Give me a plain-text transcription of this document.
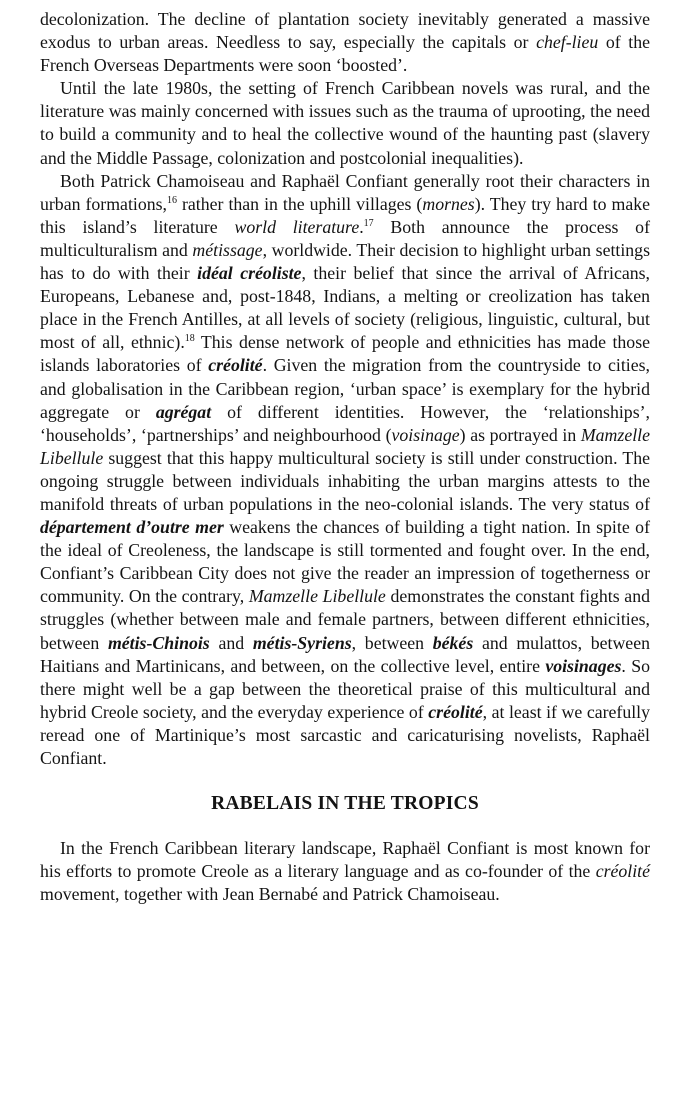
decolonization. The decline of plantation society inevitably generated a massive exodus to urban areas. Needless to say, especially the capitals or chef-lieu of the French Overseas Departments were soon ‘boosted’.

Until the late 1980s, the setting of French Caribbean novels was rural, and the literature was mainly concerned with issues such as the trauma of uprooting, the need to build a community and to heal the collective wound of the haunting past (slavery and the Middle Passage, colonization and postcolonial inequalities).

Both Patrick Chamoiseau and Raphaël Confiant generally root their characters in urban formations,$^{16}$ rather than in the uphill villages (mornes). They try hard to make this island’s literature world literature.$^{17}$ Both announce the process of multiculturalism and métissage, worldwide. Their decision to highlight urban settings has to do with their idéal créoliste, their belief that since the arrival of Africans, Europeans, Lebanese and, post-1848, Indians, a melting or creolization has taken place in the French Antilles, at all levels of society (religious, linguistic, cultural, but most of all, ethnic).$^{18}$ This dense network of people and ethnicities has made those islands laboratories of créolité. Given the migration from the countryside to cities, and globalisation in the Caribbean region, ‘urban space’ is exemplary for the hybrid aggregate or agrégat of different identities. However, the ‘relationships’, ‘households’, ‘partnerships’ and neighbourhood (voisinage) as portrayed in Mamzelle Libellule suggest that this happy multicultural society is still under construction. The ongoing struggle between individuals inhabiting the urban margins attests to the manifold threats of urban populations in the neo-colonial islands. The very status of département d’outre mer weakens the chances of building a tight nation. In spite of the ideal of Creoleness, the landscape is still tormented and fought over. In the end, Confiant’s Caribbean City does not give the reader an impression of togetherness or community. On the contrary, Mamzelle Libellule demonstrates the constant fights and struggles (whether between male and female partners, between different ethnicities, between métis-Chinois and métis-Syriens, between békés and mulattos, between Haitians and Martinicans, and between, on the collective level, entire voisinages. So there might well be a gap between the theoretical praise of this multicultural and hybrid Creole society, and the everyday experience of créolité, at least if we carefully reread one of Martinique’s most sarcastic and caricaturising novelists, Raphaël Confiant.

RABELAIS IN THE TROPICS

In the French Caribbean literary landscape, Raphaël Confiant is most known for his efforts to promote Creole as a literary language and as co-founder of the créolité movement, together with Jean Bernabé and Patrick Chamoiseau.
